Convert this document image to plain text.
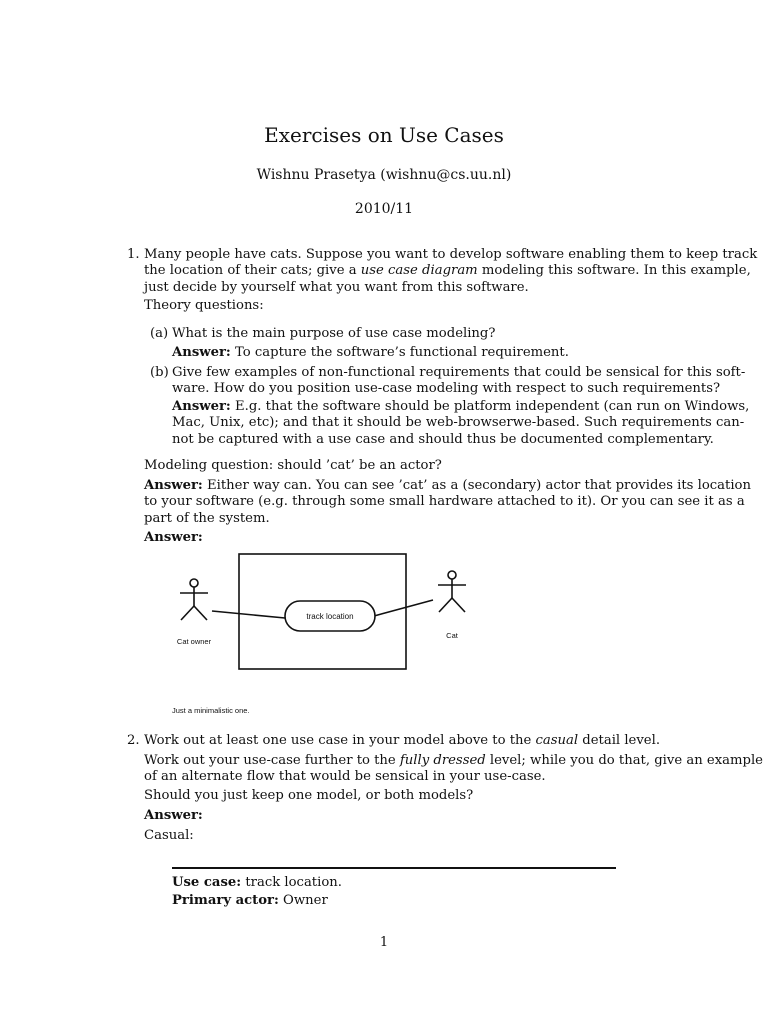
Exercises on Use Cases
Wishnu Prasetya (wishnu@cs.uu.nl)
2010/11
1. Many people have cats. Suppose you want to develop software enabling them to keep track
the location of their cats; give a use case diagram modeling this software. In this example,
just decide by yourself what you want from this software.
Theory questions:
(a) What is the main purpose of use case modeling?
Answer: To capture the software’s functional requirement.
(b) Give few examples of non-functional requirements that could be sensical for this soft-
ware. How do you position use-case modeling with respect to such requirements?
Answer: E.g. that the software should be platform independent (can run on Windows,
Mac, Unix, etc); and that it should be web-browserwe-based. Such requirements can-
not be captured with a use case and should thus be documented complementary.
Modeling question: should ’cat’ be an actor?
Answer: Either way can. You can see ’cat’ as a (secondary) actor that provides its location
to your software (e.g. through some small hardware attached to it). Or you can see it as a
part of the system.
Answer:
track location
Cat owner
Cat
Just a minimalistic one.
2. Work out at least one use case in your model above to the casual detail level.
Work out your use-case further to the fully dressed level; while you do that, give an example
of an alternate flow that would be sensical in your use-case.
Should you just keep one model, or both models?
Answer:
Casual:
Use case: track location.
Primary actor: Owner
1
